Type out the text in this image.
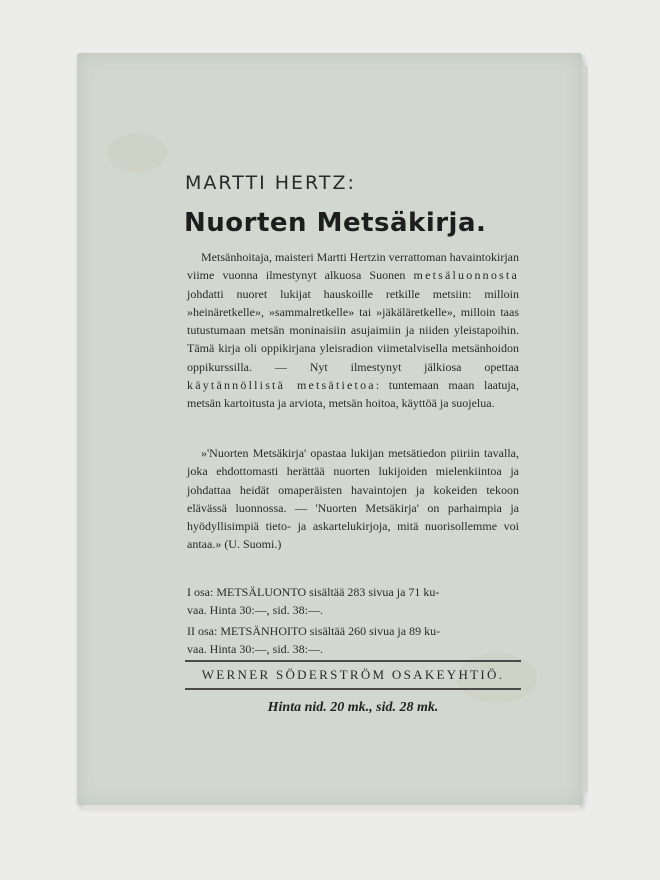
MARTTI HERTZ:
Nuorten Metsäkirja.

Metsänhoitaja, maisteri Martti Hertzin verrattoman havaintokirjan viime vuonna ilmestynyt alkuosa Suonen metsäluonnosta johdatti nuoret lukijat hauskoille retkille metsiin: milloin »heinäretkelle», »sammalretkelle» tai »jäkäläretkelle», milloin taas tutustumaan metsän moninaisiin asujaimiin ja niiden yleistapoihin. Tämä kirja oli oppikirjana yleisradion viimetalvisella metsänhoidon oppikurssilla. — Nyt ilmestynyt jälkiosa opettaa käytännöllistä metsätietoa: tuntemaan maan laatuja, metsän kartoitusta ja arviota, metsän hoitoa, käyttöä ja suojelua.

»'Nuorten Metsäkirja' opastaa lukijan metsätiedon piiriin tavalla, joka ehdottomasti herättää nuorten lukijoiden mielenkiintoa ja johdattaa heidät omaperäisten havaintojen ja kokeiden tekoon elävässä luonnossa. — 'Nuorten Metsäkirja' on parhaimpia ja hyödyllisimpiä tieto- ja askartelukirjoja, mitä nuorisollemme voi antaa.» (U. Suomi.)

I osa: METSÄLUONTO sisältää 283 sivua ja 71 ku-
vaa. Hinta 30:—, sid. 38:—.
II osa: METSÄNHOITO sisältää 260 sivua ja 89 ku-
vaa. Hinta 30:—, sid. 38:—.
WERNER SÖDERSTRÖM OSAKEYHTIÖ.
Hinta nid. 20 mk., sid. 28 mk.
